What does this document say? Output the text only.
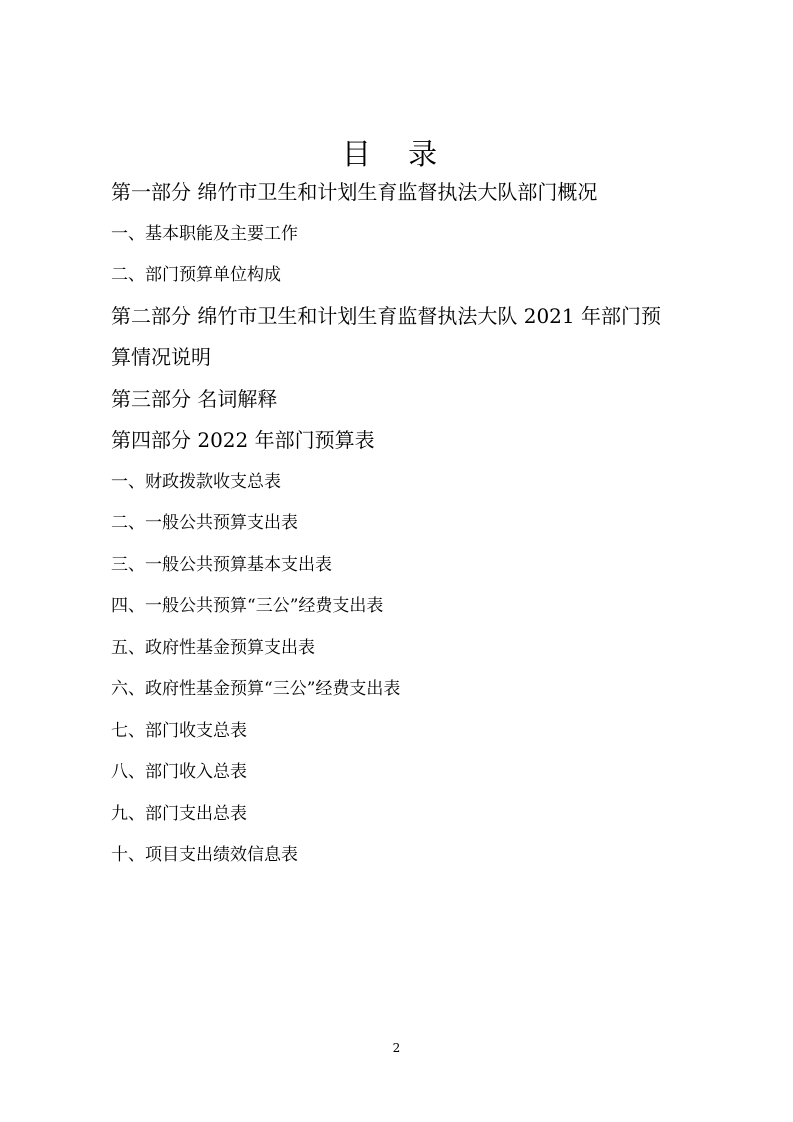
目 录
第一部分 绵竹市卫生和计划生育监督执法大队部门概况
一、基本职能及主要工作
二、部门预算单位构成
第二部分 绵竹市卫生和计划生育监督执法大队 2021 年部门预
算情况说明
第三部分 名词解释
第四部分 2022 年部门预算表
一、财政拨款收支总表
二、一般公共预算支出表
三、一般公共预算基本支出表
四、一般公共预算“三公”经费支出表
五、政府性基金预算支出表
六、政府性基金预算“三公”经费支出表
七、部门收支总表
八、部门收入总表
九、部门支出总表
十、项目支出绩效信息表
2
